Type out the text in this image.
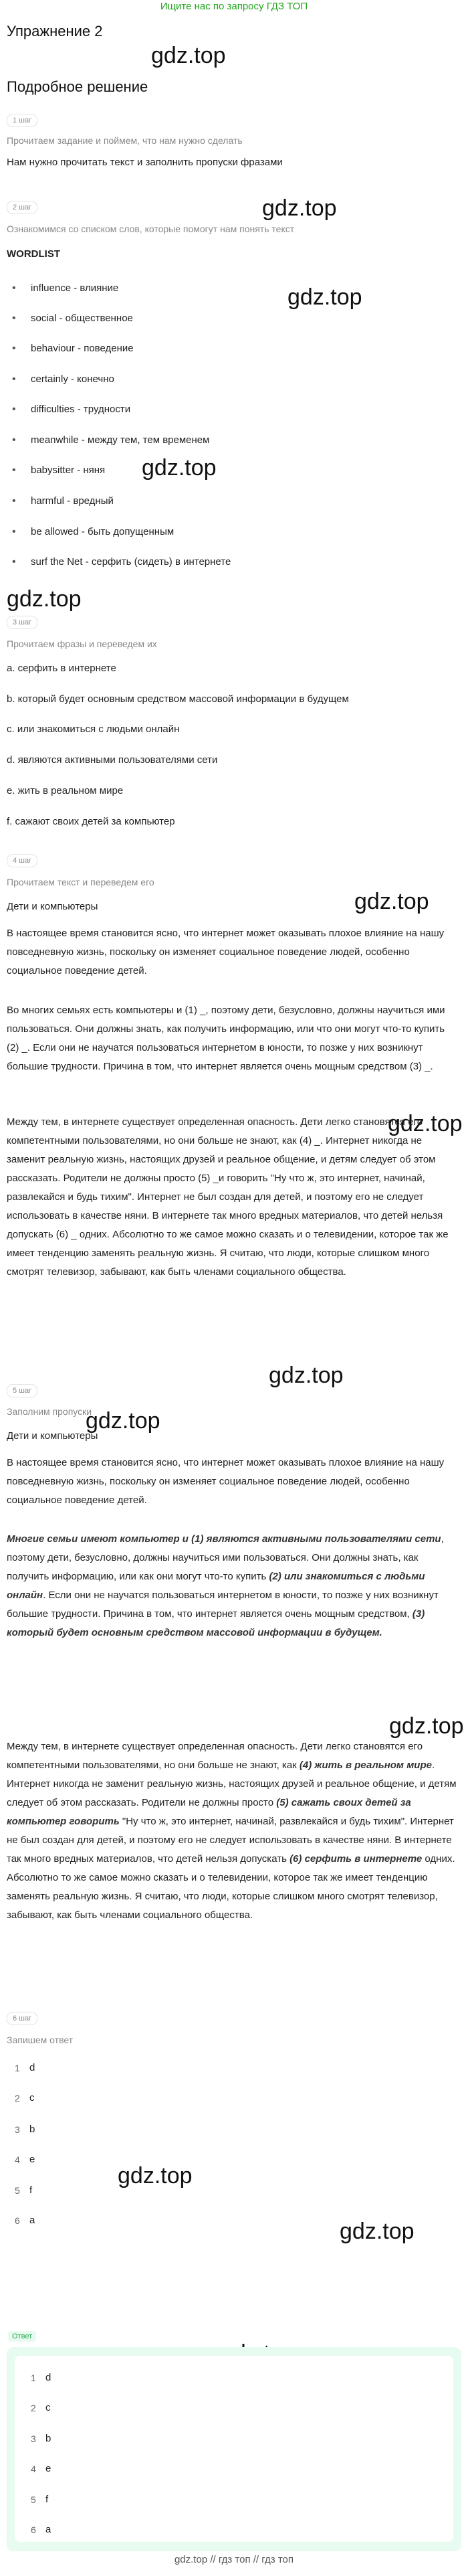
Ищите нас по запросу ГДЗ ТОП
Упражнение 2
gdz.top
gdz.top
gdz.top
gdz.top
gdz.top
gdz.top
gdz.top
gdz.top
gdz.top
gdz.top
gdz.top
gdz.top
Подробное решение
1 шаг
Прочитаем задание и поймем, что нам нужно сделать
Нам нужно прочитать текст и заполнить пропуски фразами
2 шаг
Ознакомимся со списком слов, которые помогут нам понять текст
WORDLIST
• influence - влияние
• social - общественное
• behaviour - поведение
• certainly - конечно
• difficulties - трудности
• meanwhile - между тем, тем временем
• babysitter - няня
• harmful - вредный
• be allowed - быть допущенным
• surf the Net - серфить (сидеть) в интернете
3 шаг
Прочитаем фразы и переведем их
a. серфить в интернете
b. который будет основным средством массовой информации в будущем
c. или знакомиться с людьми онлайн
d. являются активными пользователями сети
e. жить в реальном мире
f. сажают своих детей за компьютер
4 шаг
Прочитаем текст и переведем его
Дети и компьютеры
В настоящее время становится ясно, что интернет может оказывать плохое влияние на нашу повседневную жизнь, поскольку он изменяет социальное поведение людей, особенно социальное поведение детей.
Во многих семьях есть компьютеры и (1) _, поэтому дети, безусловно, должны научиться ими пользоваться. Они должны знать, как получить информацию, или что они могут что-то купить (2) _. Если они не научатся пользоваться интернетом в юности, то позже у них возникнут большие трудности. Причина в том, что интернет является очень мощным средством (3) _.
Между тем, в интернете существует определенная опасность. Дети легко становятся его компетентными пользователями, но они больше не знают, как (4) _. Интернет никогда не заменит реальную жизнь, настоящих друзей и реальное общение, и детям следует об этом рассказать. Родители не должны просто (5) _и говорить "Ну что ж, это интернет, начинай, развлекайся и будь тихим". Интернет не был создан для детей, и поэтому его не следует использовать в качестве няни. В интернете так много вредных материалов, что детей нельзя допускать (6) _ одних. Абсолютно то же самое можно сказать и о телевидении, которое так же имеет тенденцию заменять реальную жизнь. Я считаю, что люди, которые слишком много смотрят телевизор, забывают, как быть членами социального общества.
5 шаг
Заполним пропуски
Дети и компьютеры
В настоящее время становится ясно, что интернет может оказывать плохое влияние на нашу повседневную жизнь, поскольку он изменяет социальное поведение людей, особенно социальное поведение детей.
Многие семьи имеют компьютер и (1) являются активными пользователями сети, поэтому дети, безусловно, должны научиться ими пользоваться. Они должны знать, как получить информацию, или как они могут что-то купить (2) или знакомиться с людьми онлайн. Если они не научатся пользоваться интернетом в юности, то позже у них возникнут большие трудности. Причина в том, что интернет является очень мощным средством, (3) который будет основным средством массовой информации в будущем.
Между тем, в интернете существует определенная опасность. Дети легко становятся его компетентными пользователями, но они больше не знают, как (4) жить в реальном мире. Интернет никогда не заменит реальную жизнь, настоящих друзей и реальное общение, и детям следует об этом рассказать. Родители не должны просто (5) сажать своих детей за компьютер говорить "Ну что ж, это интернет, начинай, развлекайся и будь тихим". Интернет не был создан для детей, и поэтому его не следует использовать в качестве няни. В интернете так много вредных материалов, что детей нельзя допускать (6) серфить в интернете одних. Абсолютно то же самое можно сказать и о телевидении, которое так же имеет тенденцию заменять реальную жизнь. Я считаю, что люди, которые слишком много смотрят телевизор, забывают, как быть членами социального общества.
6 шаг
Запишем ответ
1 d
2 c
3 b
4 e
5 f
6 a
Ответ
1 d
2 c
3 b
4 e
5 f
6 a
gdz.top // гдз топ // гдз топ
